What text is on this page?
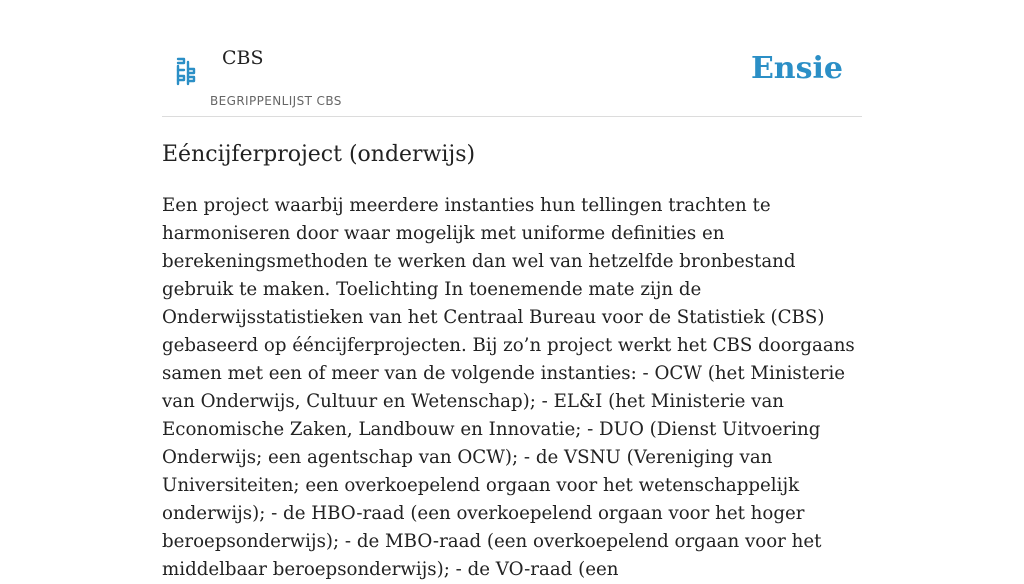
CBS
BEGRIPPENLIJST CBS
Ensie
Eéncijferproject (onderwijs)

Een project waarbij meerdere instanties hun tellingen trachten te harmoniseren door waar mogelijk met uniforme definities en berekeningsmethoden te werken dan wel van hetzelfde bronbestand gebruik te maken. Toelichting In toenemende mate zijn de Onderwijsstatistieken van het Centraal Bureau voor de Statistiek (CBS) gebaseerd op ééncijferprojecten. Bij zo’n project werkt het CBS doorgaans samen met een of meer van de volgende instanties: - OCW (het Ministerie van Onderwijs, Cultuur en Wetenschap); - EL&I (het Ministerie van Economische Zaken, Landbouw en Innovatie; - DUO (Dienst Uitvoering Onderwijs; een agentschap van OCW); - de VSNU (Vereniging van Universiteiten; een overkoepelend orgaan voor het wetenschappelijk onderwijs); - de HBO-raad (een overkoepelend orgaan voor het hoger beroepsonderwijs); - de MBO-raad (een overkoepelend orgaan voor het middelbaar beroepsonderwijs); - de VO-raad (een
